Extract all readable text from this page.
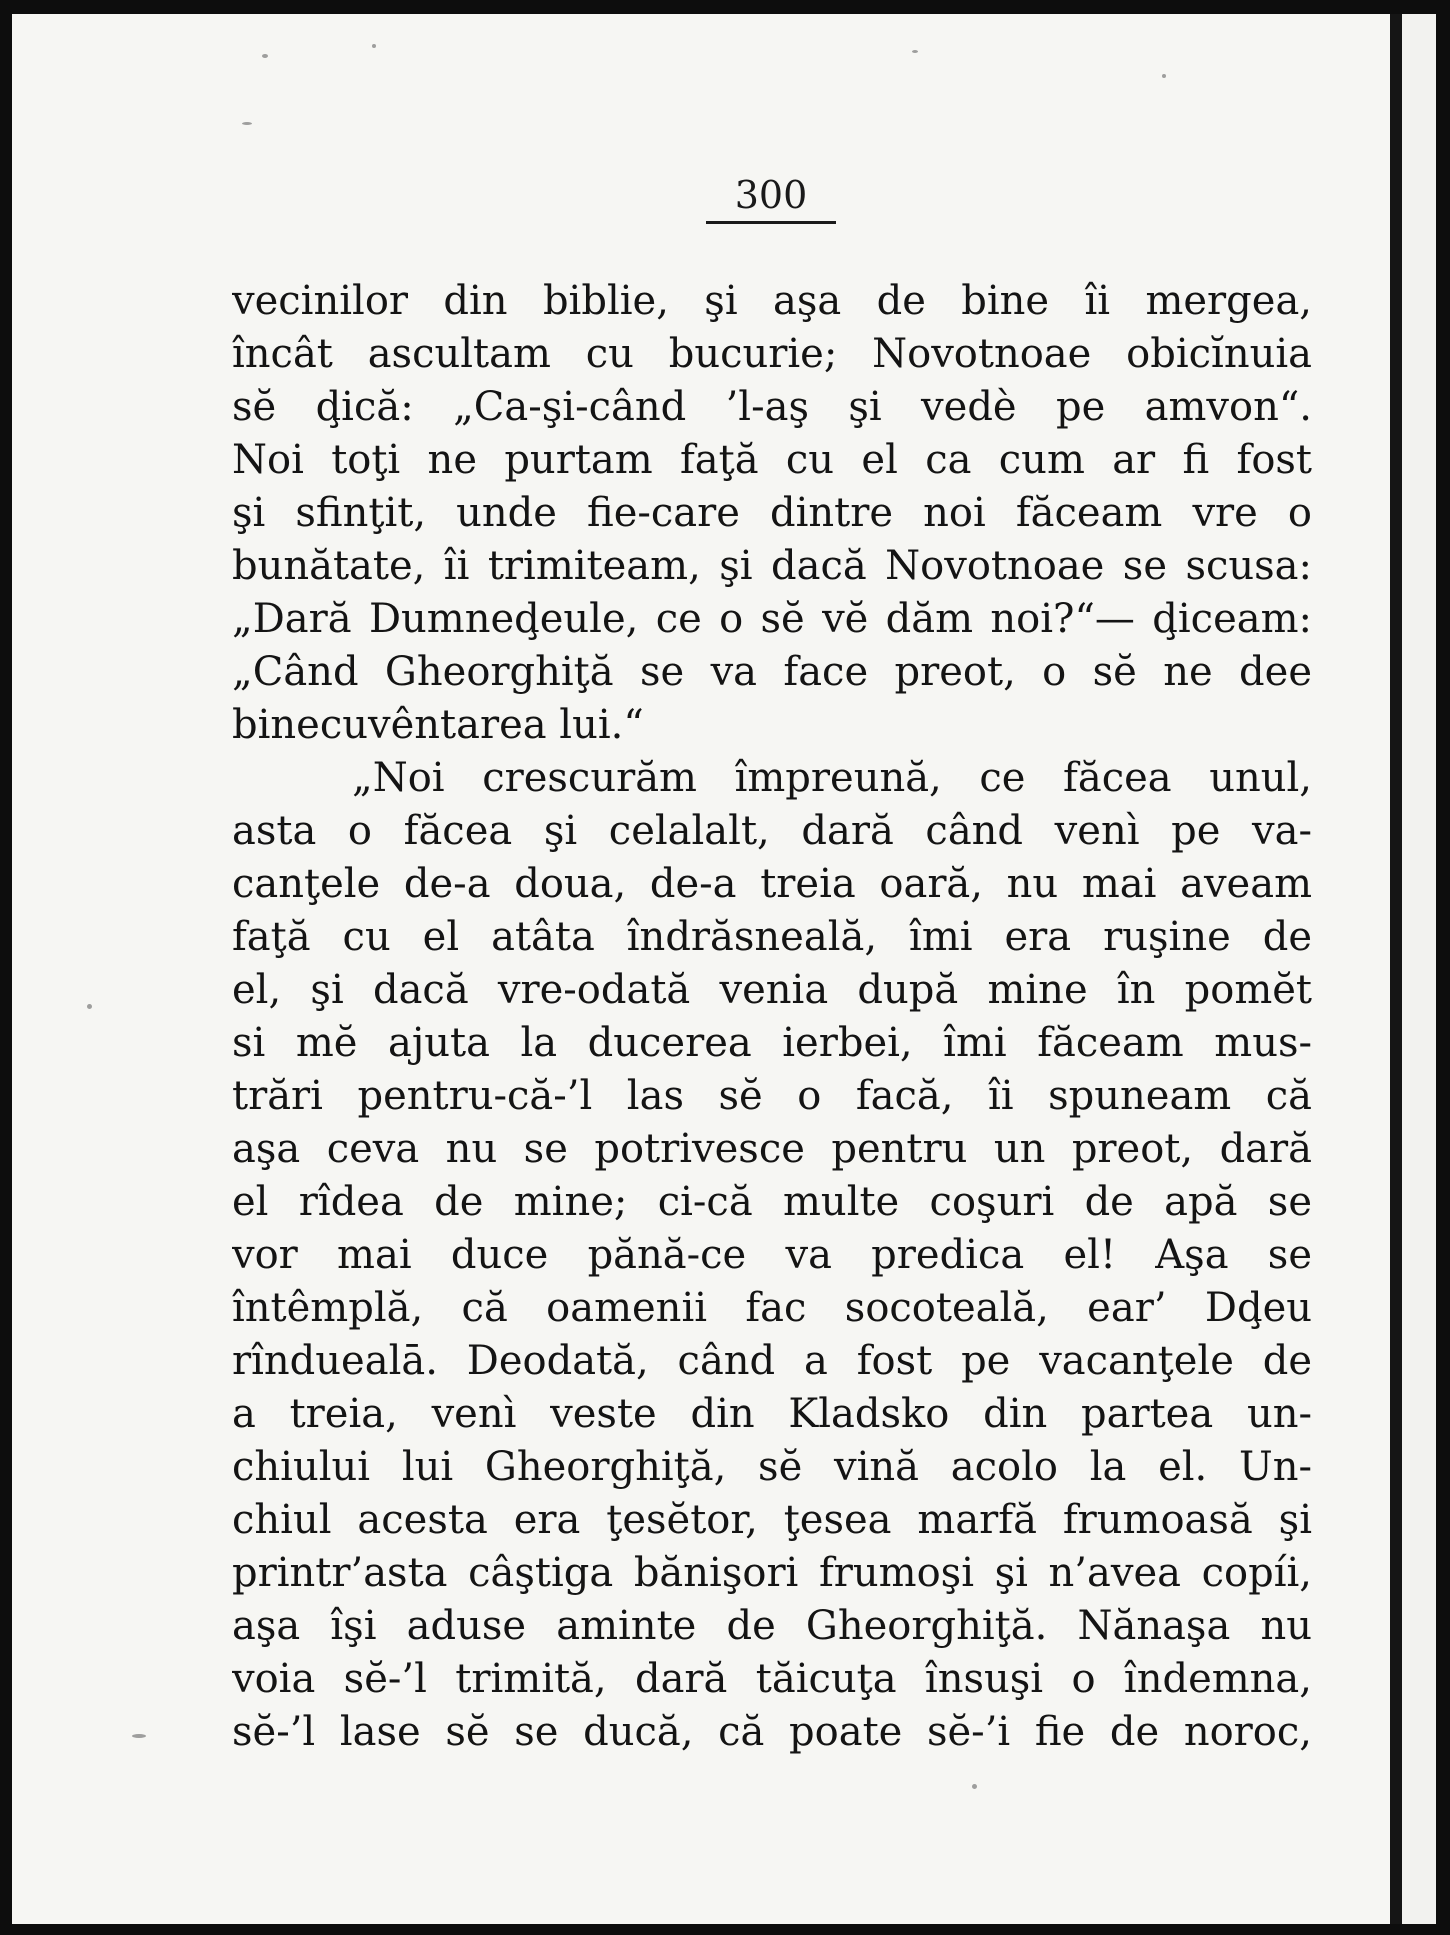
300
vecinilor din biblie, şi aşa de bine îi mergea,
încât ascultam cu bucurie; Novotnoae obicĭnuia
sĕ ḑică: „Ca-şi-când ’l-aş şi vedè pe amvon“.
Noi toţi ne purtam faţă cu el ca cum ar fi fost
şi sfinţit, unde fie-care dintre noi făceam vre o
bunătate, îi trimiteam, şi dacă Novotnoae se scusa:
„Dară Dumneḑeule, ce o sĕ vĕ dăm noi?“— ḑiceam:
„Când Gheorghiţă se va face preot, o sĕ ne dee
binecuvêntarea lui.“
„Noi crescurăm împreună, ce făcea unul,
asta o făcea şi celalalt, dară când venì pe va-
canţele de-a doua, de-a treia oară, nu mai aveam
faţă cu el atâta îndrăsneală, îmi era ruşine de
el, şi dacă vre-odată venia după mine în pomĕt
si mĕ ajuta la ducerea ierbei, îmi făceam mus-
trări pentru-că-’l las sĕ o facă, îi spuneam că
aşa ceva nu se potrivesce pentru un preot, dară
el rîdea de mine; ci-că multe coşuri de apă se
vor mai duce pănă-ce va predica el! Aşa se
întêmplă, că oamenii fac socoteală, ear’ Dḑeu
rînduealā. Deodată, când a fost pe vacanţele de
a treia, venì veste din Kladsko din partea un-
chiului lui Gheorghiţă, sĕ vină acolo la el. Un-
chiul acesta era ţesĕtor, ţesea marfă frumoasă şi
printr’asta câştiga bănişori frumoşi şi n’avea copíi,
aşa îşi aduse aminte de Gheorghiţă. Nănaşa nu
voia sĕ-’l trimită, dară tăicuţa însuşi o îndemna,
sĕ-’l lase sĕ se ducă, că poate sĕ-’i fie de noroc,
